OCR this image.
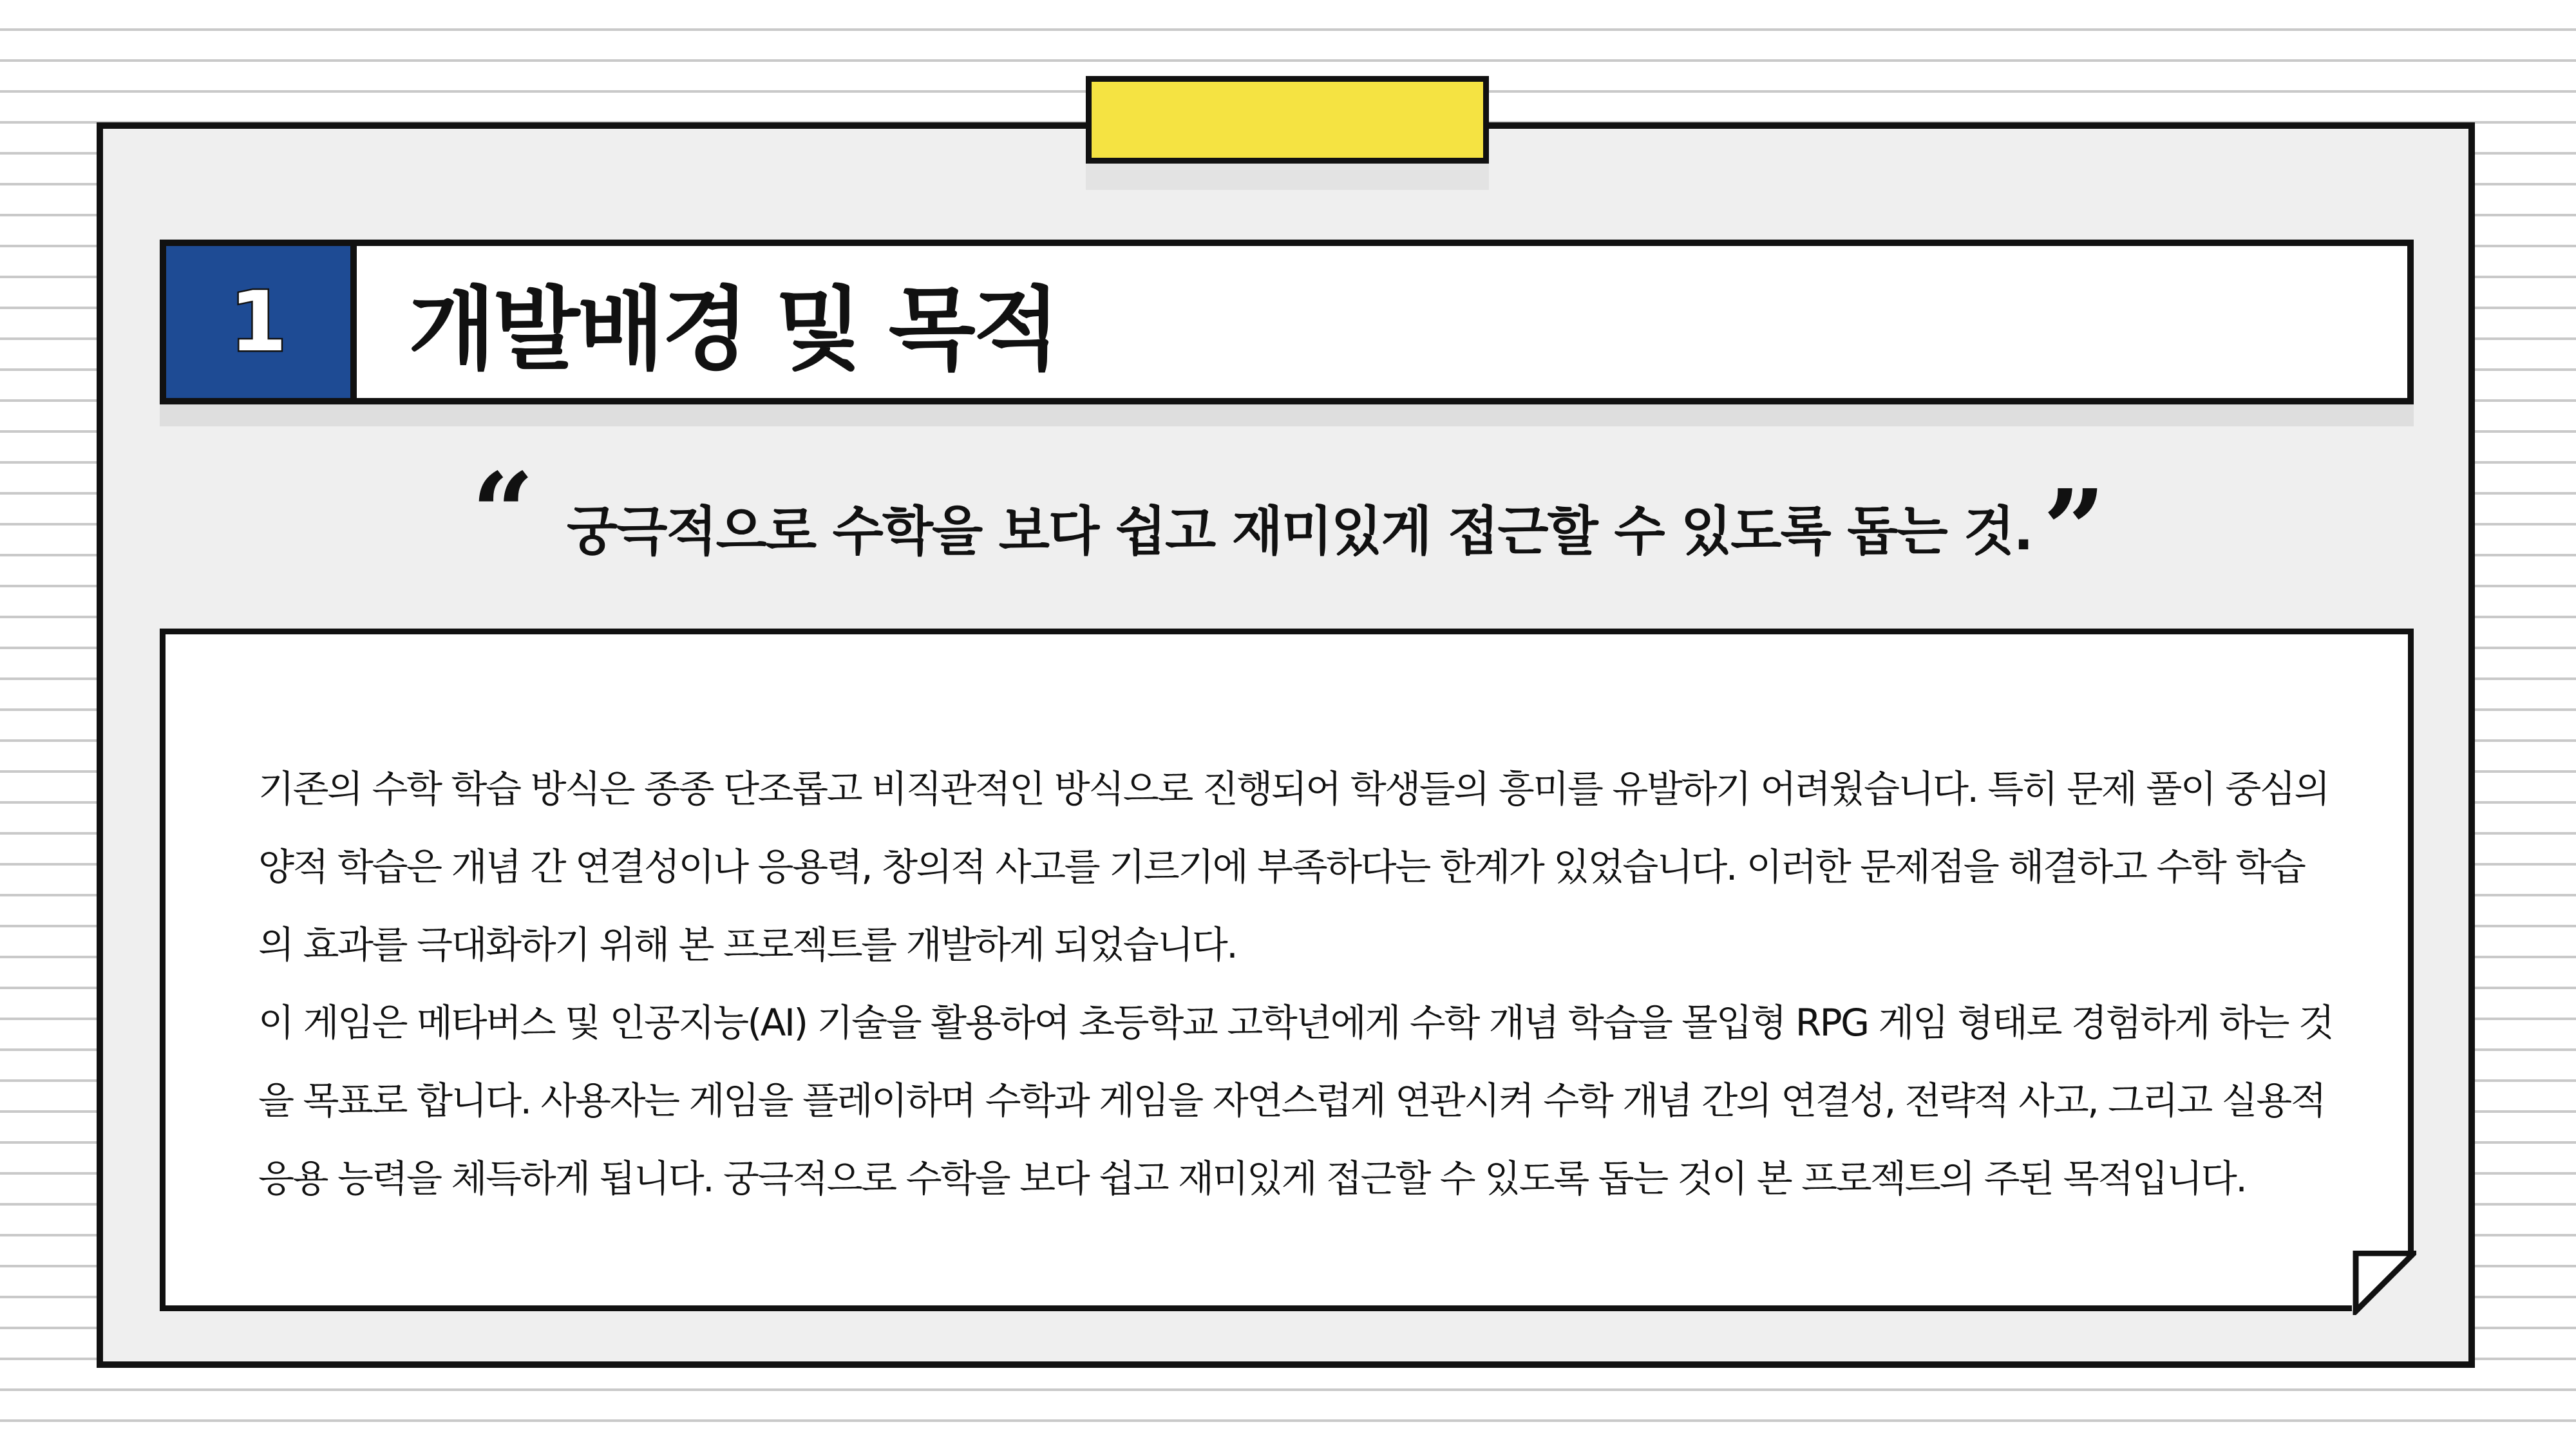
1	개발배경 및 목적
“ 궁극적으로 수학을 보다 쉽고 재미있게 접근할 수 있도록 돕는 것. ”

기존의 수학 학습 방식은 종종 단조롭고 비직관적인 방식으로 진행되어 학생들의 흥미를 유발하기 어려웠습니다. 특히 문제 풀이 중심의 양적 학습은 개념 간 연결성이나 응용력, 창의적 사고를 기르기에 부족하다는 한계가 있었습니다. 이러한 문제점을 해결하고 수학 학습의 효과를 극대화하기 위해 본 프로젝트를 개발하게 되었습니다.

이 게임은 메타버스 및 인공지능(AI) 기술을 활용하여 초등학교 고학년에게 수학 개념 학습을 몰입형 RPG 게임 형태로 경험하게 하는 것을 목표로 합니다. 사용자는 게임을 플레이하며 수학과 게임을 자연스럽게 연관시켜 수학 개념 간의 연결성, 전략적 사고, 그리고 실용적 응용 능력을 체득하게 됩니다. 궁극적으로 수학을 보다 쉽고 재미있게 접근할 수 있도록 돕는 것이 본 프로젝트의 주된 목적입니다.
